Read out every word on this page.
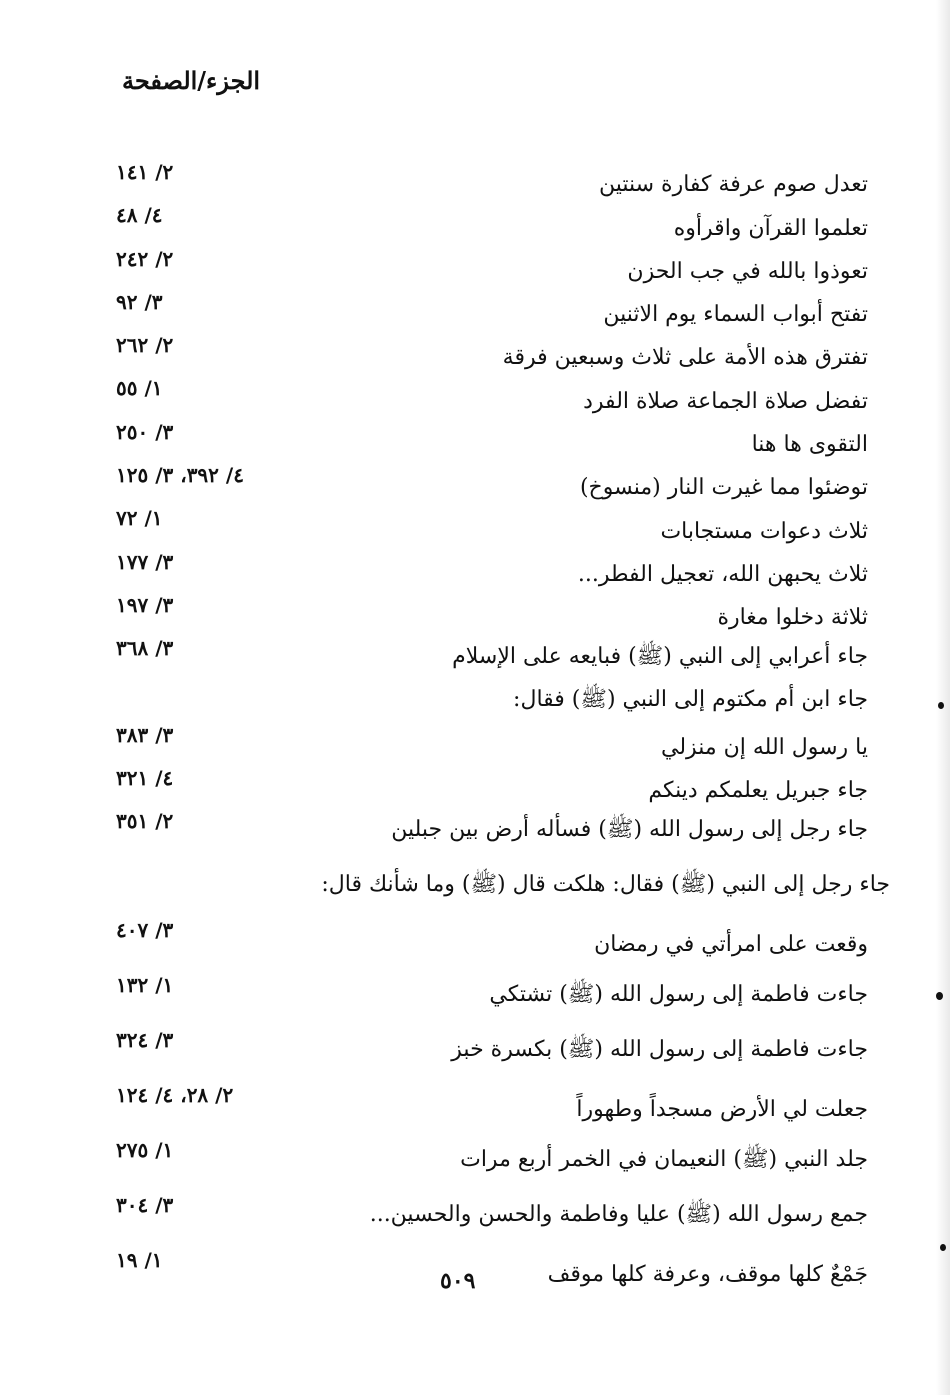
الجزء/الصفحة
تعدل صوم عرفة كفارة سنتين
٢/ ١٤١
تعلموا القرآن واقرأوه
٤/ ٤٨
تعوذوا بالله في جب الحزن
٢/ ٢٤٢
تفتح أبواب السماء يوم الاثنين
٣/ ٩٢
تفترق هذه الأمة على ثلاث وسبعين فرقة
٢/ ٢٦٢
تفضل صلاة الجماعة صلاة الفرد
١/ ٥٥
التقوى ها هنا
٣/ ٢٥٠
توضئوا مما غيرت النار (منسوخ)
٤/ ٣٩٢، ٣/ ١٢٥
ثلاث دعوات مستجابات
١/ ٧٢
ثلاث يحبهن الله، تعجيل الفطر...
٣/ ١٧٧
ثلاثة دخلوا مغارة
٣/ ١٩٧
جاء أعرابي إلى النبي (ﷺ) فبايعه على الإسلام
٣/ ٣٦٨
جاء ابن أم مكتوم إلى النبي (ﷺ) فقال:
يا رسول الله إن منزلي
٣/ ٣٨٣
جاء جبريل يعلمكم دينكم
٤/ ٣٢١
جاء رجل إلى رسول الله (ﷺ) فسأله أرض بين جبلين
٢/ ٣٥١
جاء رجل إلى النبي (ﷺ) فقال: هلكت قال (ﷺ) وما شأنك قال:
وقعت على امرأتي في رمضان
٣/ ٤٠٧
جاءت فاطمة إلى رسول الله (ﷺ) تشتكي
١/ ١٣٢
جاءت فاطمة إلى رسول الله (ﷺ) بكسرة خبز
٣/ ٣٢٤
جعلت لي الأرض مسجداً وطهوراً
٢/ ٢٨، ٤/ ١٢٤
جلد النبي (ﷺ) النعيمان في الخمر أربع مرات
١/ ٢٧٥
جمع رسول الله (ﷺ) عليا وفاطمة والحسن والحسين...
٣/ ٣٠٤
جَمْعٌ كلها موقف، وعرفة كلها موقف
١/ ١٩
٥٠٩
